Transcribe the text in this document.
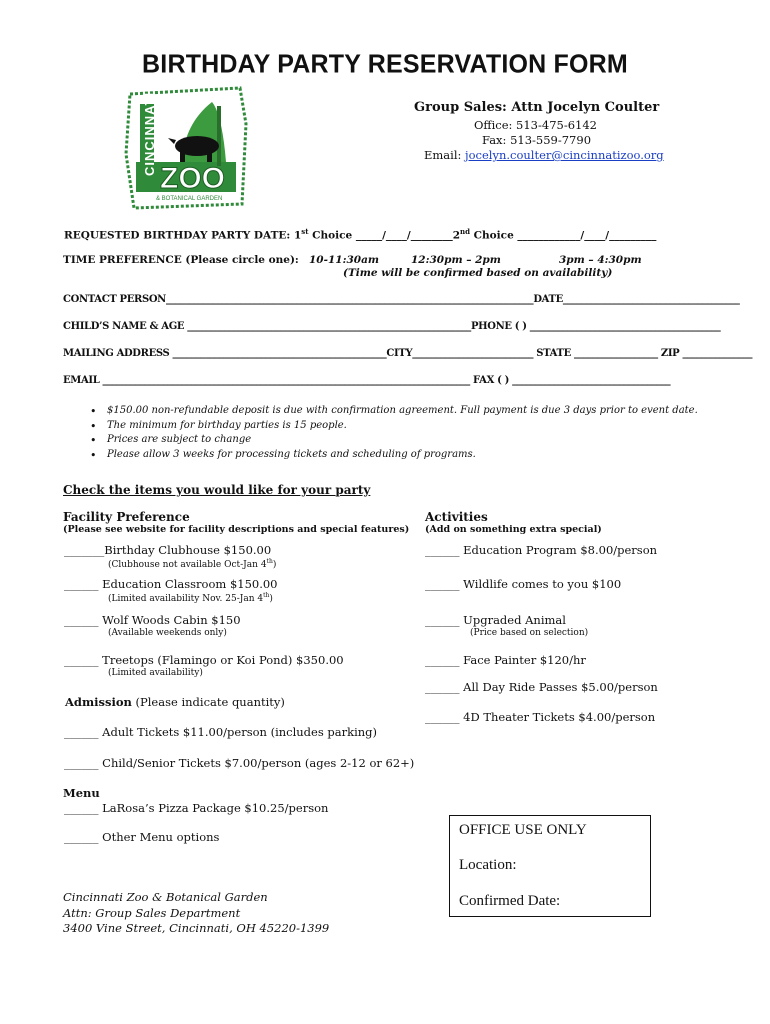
BIRTHDAY PARTY RESERVATION FORM
CINCINNATI
ZOO
& BOTANICAL GARDEN
Group Sales: Attn Jocelyn Coulter
Office: 513-475-6142
Fax: 513-559-7790
Email: jocelyn.coulter@cincinnatizoo.org
REQUESTED BIRTHDAY PARTY DATE: 1st Choice _____/____/________2nd Choice ____________/____/_________
TIME PREFERENCE (Please circle one): 10-11:30am	12:30pm – 2pm	3pm – 4:30pm
(Time will be confirmed based on availability)
CONTACT PERSON_______________________________________________________________________________DATE______________________________________
CHILD’S NAME & AGE _____________________________________________________________PHONE ( ) _________________________________________
MAILING ADDRESS ______________________________________________CITY__________________________ STATE __________________ ZIP _______________
EMAIL _______________________________________________________________________________ FAX ( ) __________________________________
• $150.00 non-refundable deposit is due with confirmation agreement. Full payment is due 3 days prior to event date.
• The minimum for birthday parties is 15 people.
• Prices are subject to change
• Please allow 3 weeks for processing tickets and scheduling of programs.
Check the items you would like for your party
Facility Preference
(Please see website for facility descriptions and special features)
_______Birthday Clubhouse $150.00
(Clubhouse not available Oct-Jan 4th)
______ Education Classroom $150.00
(Limited availability Nov. 25-Jan 4th)
______ Wolf Woods Cabin $150
(Available weekends only)
______ Treetops (Flamingo or Koi Pond) $350.00
(Limited availability)
Activities
(Add on something extra special)
______ Education Program $8.00/person
______ Wildlife comes to you $100
______ Upgraded Animal
(Price based on selection)
______ Face Painter $120/hr
______ All Day Ride Passes $5.00/person
______ 4D Theater Tickets $4.00/person
Admission (Please indicate quantity)
______ Adult Tickets $11.00/person (includes parking)
______ Child/Senior Tickets $7.00/person (ages 2-12 or 62+)
Menu
______ LaRosa’s Pizza Package $10.25/person
______ Other Menu options
Cincinnati Zoo & Botanical Garden
Attn: Group Sales Department
3400 Vine Street, Cincinnati, OH 45220-1399
OFFICE USE ONLY
Location:
Confirmed Date:
